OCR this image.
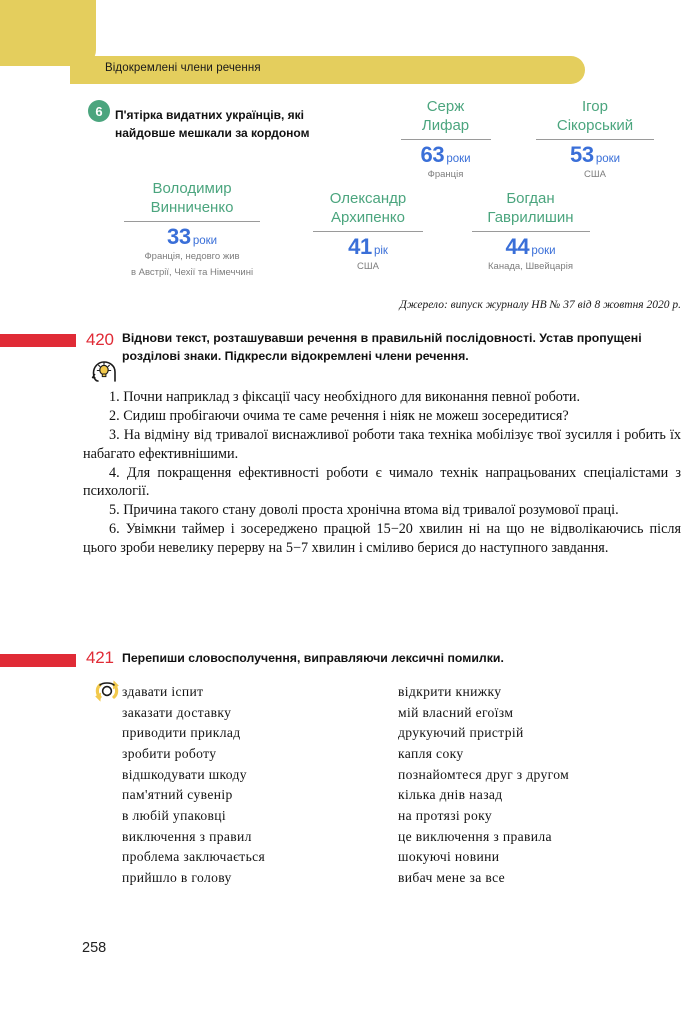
Відокремлені члени речення
6	П'ятірка видатних українців, які найдовше мешкали за кордоном
Серж
Лифар
63 роки
Франція
Ігор
Сікорський
53 роки
США
Володимир
Винниченко
33 роки
Франція, недовго жив
в Австрії, Чехії та Німеччині
Олександр
Архипенко
41 рік
США
Богдан
Гаврилишин
44 роки
Канада, Швейцарія
Джерело: випуск журналу НВ № 37 від 8 жовтня 2020 р.
420 Віднови текст, розташувавши речення в правильній послідовності. Устав пропущені розділові знаки. Підкресли відокремлені члени речення.

1. Почни наприклад з фіксації часу необхідного для виконання певної роботи.

2. Сидиш пробігаючи очима те саме речення і ніяк не можеш зосередитися?

3. На відміну від тривалої виснажливої роботи така техніка мобілізує твої зусилля і робить їх набагато ефективнішими.

4. Для покращення ефективності роботи є чимало технік напрацьованих спеціалістами з психології.

5. Причина такого стану доволі проста хронічна втома від тривалої розумової праці.

6. Увімкни таймер і зосереджено працюй 15−20 хвилин ні на що не відволікаючись після цього зроби невелику перерву на 5−7 хвилин і сміливо берися до наступного завдання.

421 Перепиши словосполучення, виправляючи лексичні помилки.
здавати іспит
заказати доставку
приводити приклад
зробити роботу
відшкодувати шкоду
пам'ятний сувенір
в любій упаковці
виключення з правил
проблема заключається
прийшло в голову
відкрити книжку
мій власний егоїзм
друкуючий пристрій
капля соку
познайомтеся друг з другом
кілька днів назад
на протязі року
це виключення з правила
шокуючі новини
вибач мене за все
258
